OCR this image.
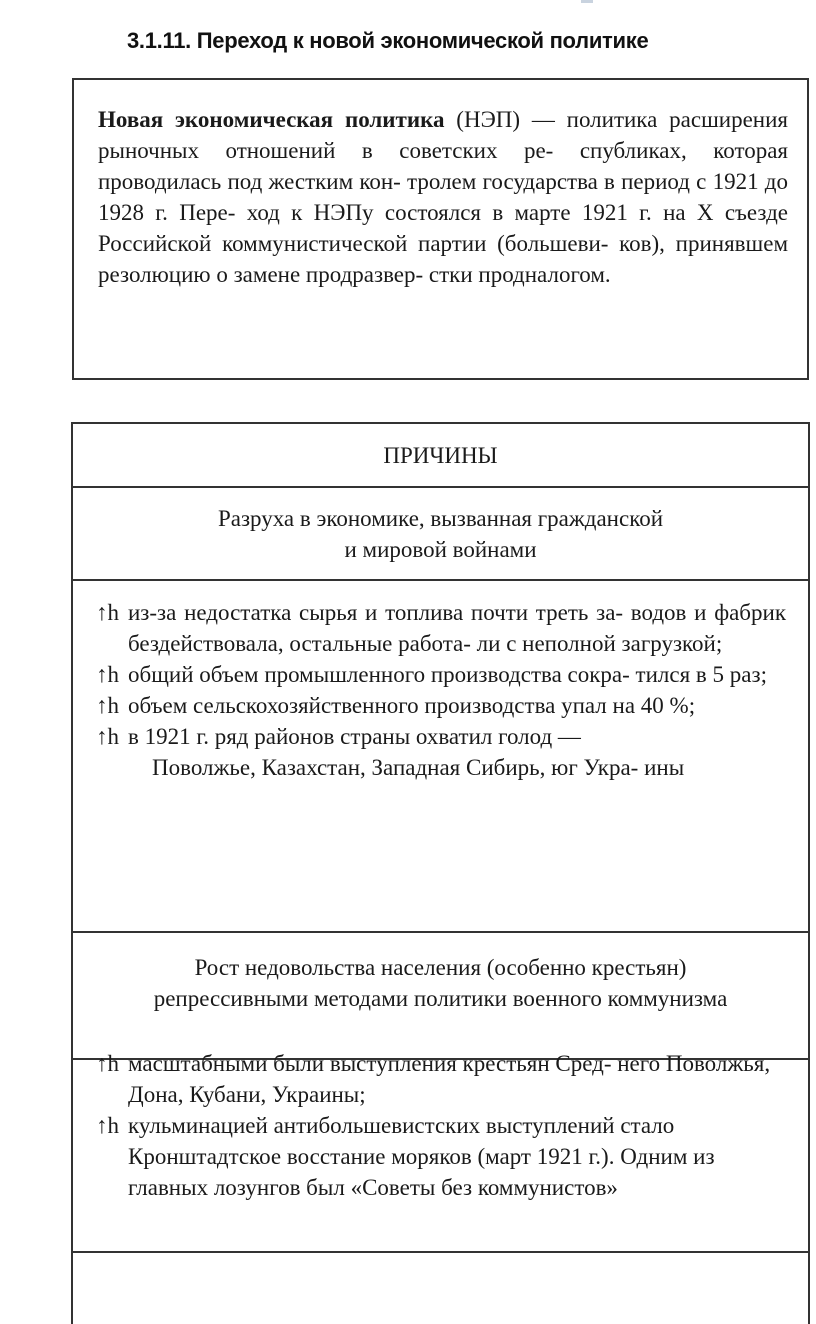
3.1.11. Переход к новой экономической политике
Новая экономическая политика (НЭП) — политика расширения рыночных отношений в советских ре- спубликах, которая проводилась под жестким кон- тролем государства в период с 1921 до 1928 г. Пере- ход к НЭПу состоялся в марте 1921 г. на X съезде Российской коммунистической партии (большеви- ков), принявшем резолюцию о замене продразвер- стки продналогом.
ПРИЧИНЫ
Разруха в экономике, вызванная гражданской
и мировой войнами
↑h из-за недостатка сырья и топлива почти треть за- водов и фабрик бездействовала, остальные работа- ли с неполной загрузкой;
↑h общий объем промышленного производства сокра- тился в 5 раз;
↑h объем сельскохозяйственного производства упал на 40 %;
↑h в 1921 г. ряд районов страны охватил голод —
Поволжье, Казахстан, Западная Сибирь, юг Укра- ины
Рост недовольства населения (особенно крестьян)
репрессивными методами политики военного коммунизма
↑h масштабными были выступления крестьян Сред- него Поволжья, Дона, Кубани, Украины;
↑h кульминацией антибольшевистских выступлений стало Кронштадтское восстание моряков (март 1921 г.). Одним из главных лозунгов был «Советы без коммунистов»
